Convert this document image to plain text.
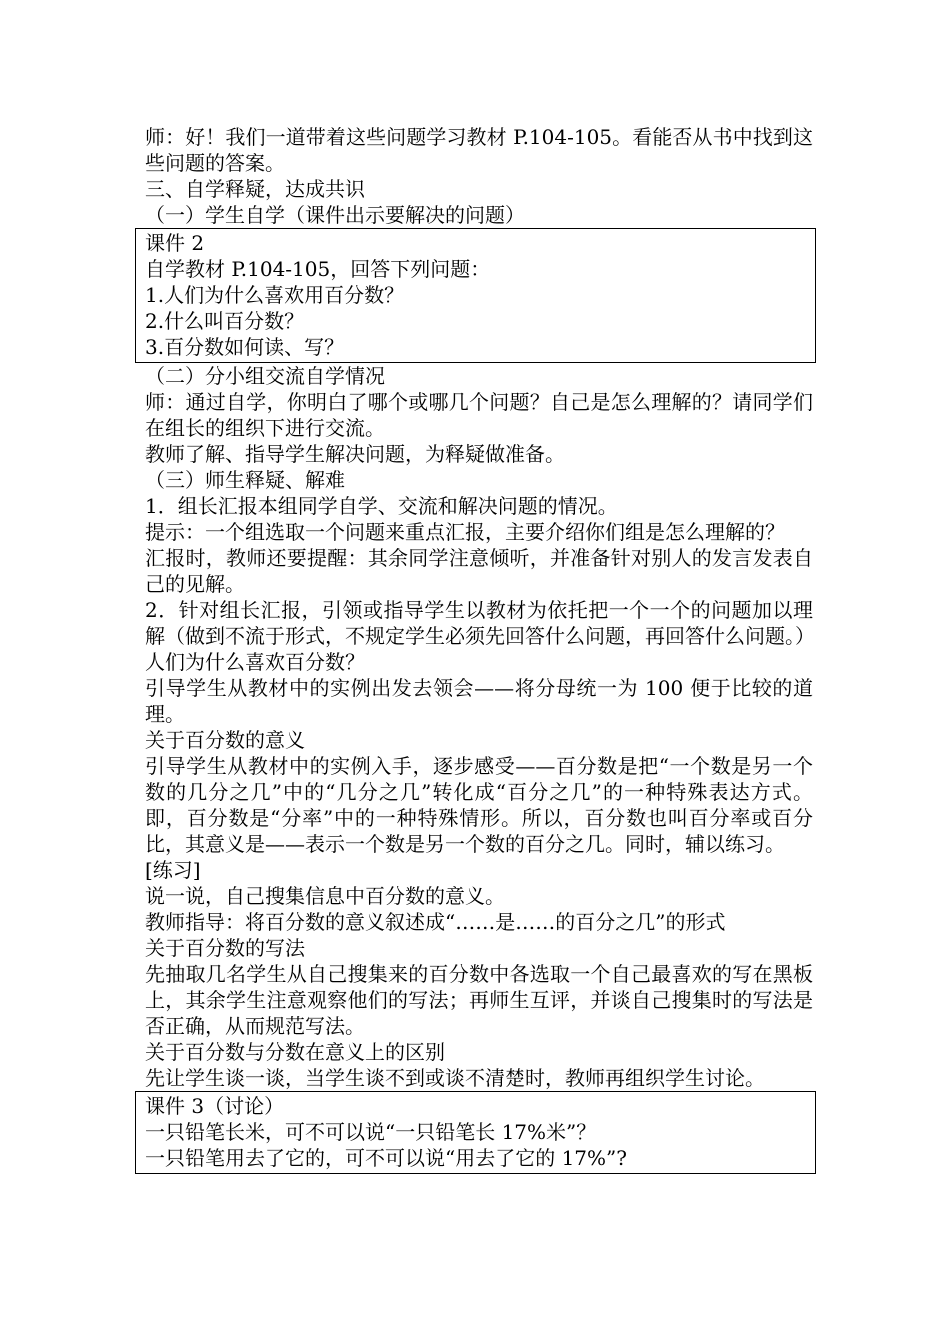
师：好！我们一道带着这些问题学习教材 P.104-105。看能否从书中找到这些问题的答案。

三、自学释疑，达成共识

（一）学生自学（课件出示要解决的问题）

课件 2

自学教材 P.104-105，回答下列问题：

1.人们为什么喜欢用百分数？

2.什么叫百分数？

3.百分数如何读、写？

（二）分小组交流自学情况

师：通过自学，你明白了哪个或哪几个问题？自己是怎么理解的？请同学们在组长的组织下进行交流。

教师了解、指导学生解决问题，为释疑做准备。

（三）师生释疑、解难

1．组长汇报本组同学自学、交流和解决问题的情况。

提示：一个组选取一个问题来重点汇报，主要介绍你们组是怎么理解的？

汇报时，教师还要提醒：其余同学注意倾听，并准备针对别人的发言发表自己的见解。

2．针对组长汇报，引领或指导学生以教材为依托把一个一个的问题加以理解（做到不流于形式，不规定学生必须先回答什么问题，再回答什么问题。）

人们为什么喜欢百分数？

引导学生从教材中的实例出发去领会——将分母统一为 100 便于比较的道理。

关于百分数的意义

引导学生从教材中的实例入手，逐步感受——百分数是把“一个数是另一个数的几分之几”中的“几分之几”转化成“百分之几”的一种特殊表达方式。即，百分数是“分率”中的一种特殊情形。所以，百分数也叫百分率或百分比，其意义是——表示一个数是另一个数的百分之几。同时，辅以练习。

[练习]

说一说，自己搜集信息中百分数的意义。

教师指导：将百分数的意义叙述成“……是……的百分之几”的形式

关于百分数的写法

先抽取几名学生从自己搜集来的百分数中各选取一个自己最喜欢的写在黑板上，其余学生注意观察他们的写法；再师生互评，并谈自己搜集时的写法是否正确，从而规范写法。

关于百分数与分数在意义上的区别

先让学生谈一谈，当学生谈不到或谈不清楚时，教师再组织学生讨论。

课件 3（讨论）

一只铅笔长米，可不可以说“一只铅笔长 17%米”？

一只铅笔用去了它的，可不可以说“用去了它的 17%”?
